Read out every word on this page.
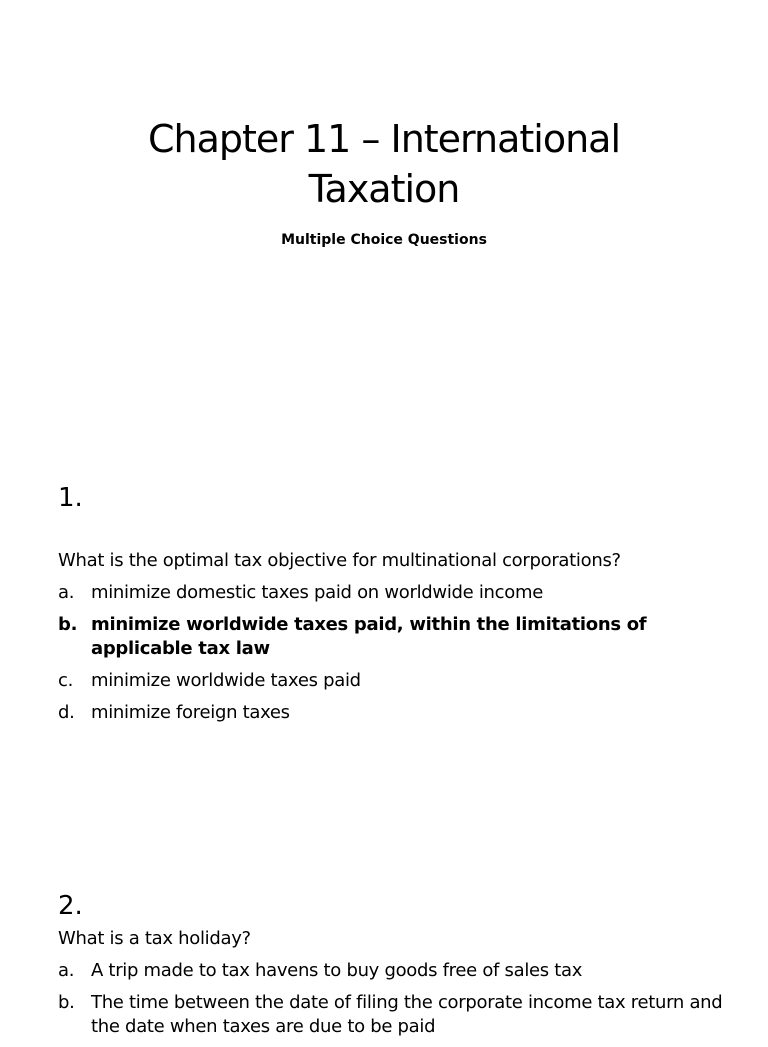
Chapter 11 – International Taxation
Multiple Choice Questions
1.

What is the optimal tax objective for multinational corporations?

a. minimize domestic taxes paid on worldwide income
b. minimize worldwide taxes paid, within the limitations of applicable tax law
c. minimize worldwide taxes paid
d. minimize foreign taxes
2.

What is a tax holiday?

a. A trip made to tax havens to buy goods free of sales tax
b. The time between the date of filing the corporate income tax return and the date when taxes are due to be paid
